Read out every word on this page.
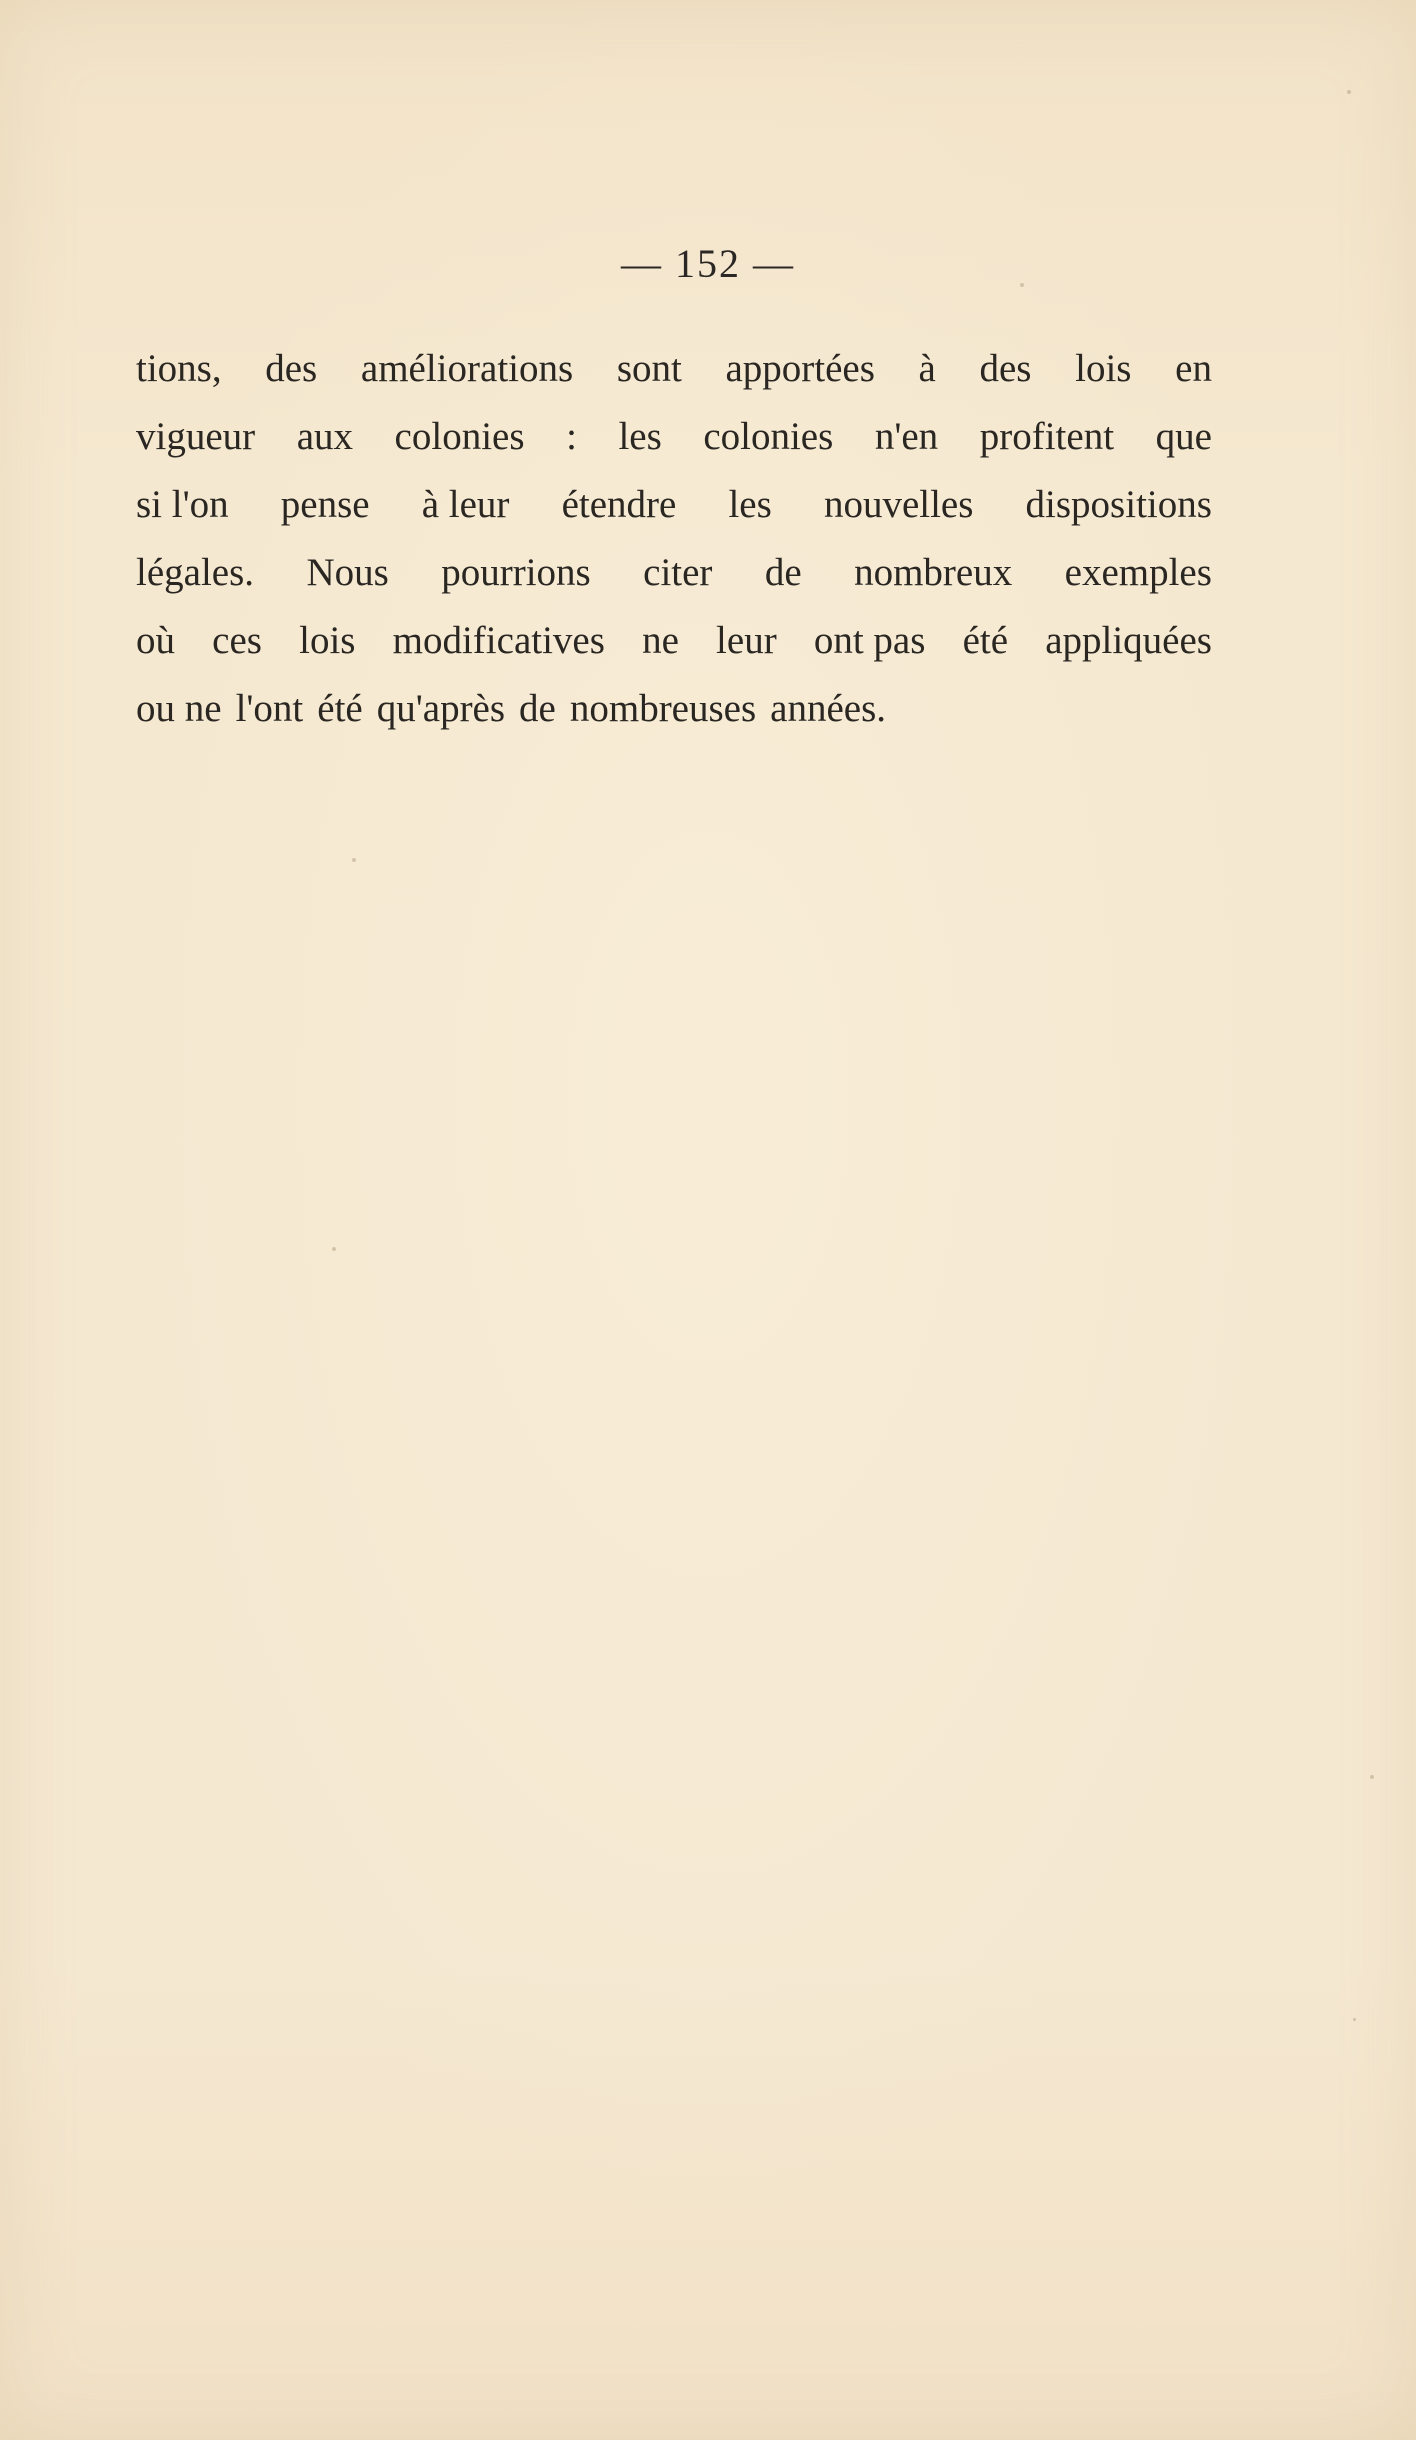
— 152 —
tions, des améliorations sont apportées à des lois en
vigueur aux colonies : les colonies n'en profitent que
si l'on pense à leur étendre les nouvelles dispositions
légales. Nous pourrions citer de nombreux exemples
où ces lois modificatives ne leur ont pas été appliquées
ou ne l'ont été qu'après de nombreuses années.
